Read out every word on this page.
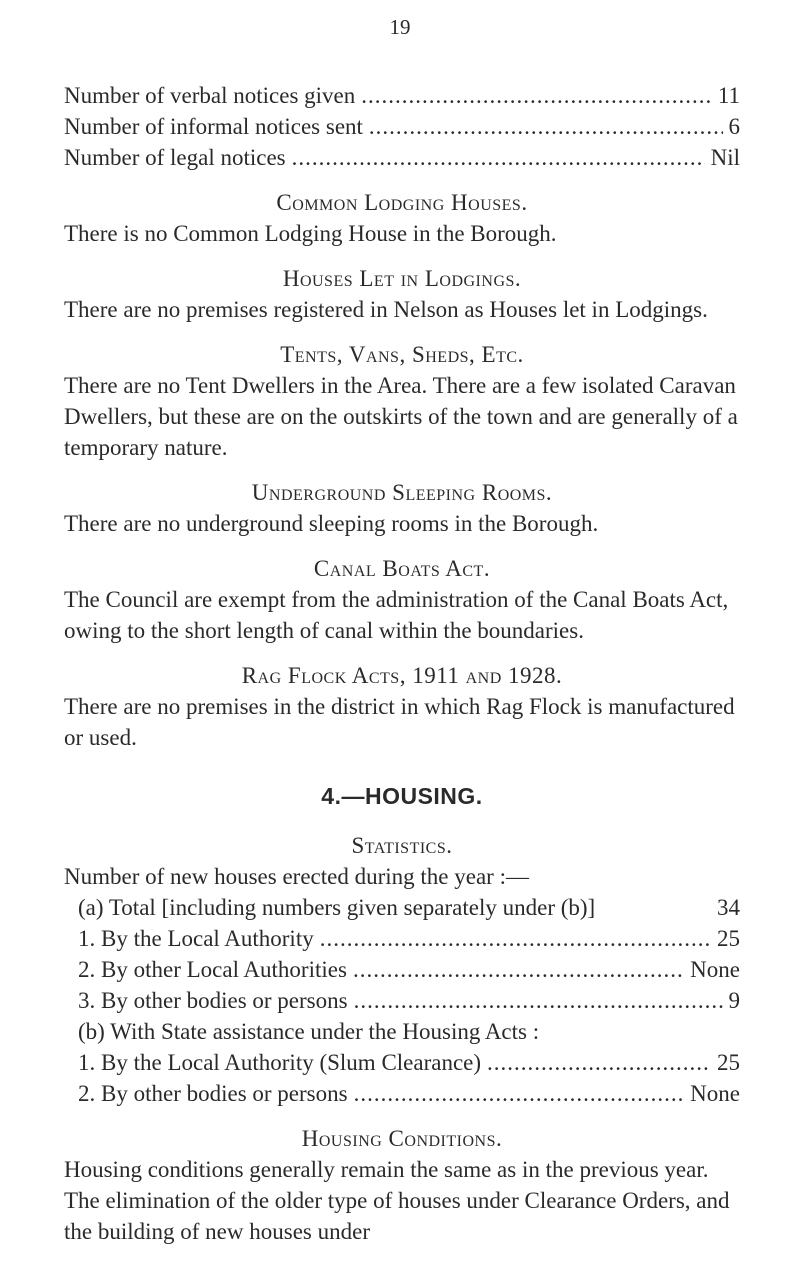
19
Number of verbal notices given .....	11
Number of informal notices sent .....	6
Number of legal notices .....	Nil
Common Lodging Houses.
There is no Common Lodging House in the Borough.
Houses Let in Lodgings.
There are no premises registered in Nelson as Houses let in Lodgings.
Tents, Vans, Sheds, Etc.
There are no Tent Dwellers in the Area. There are a few isolated Caravan Dwellers, but these are on the outskirts of the town and are generally of a temporary nature.
Underground Sleeping Rooms.
There are no underground sleeping rooms in the Borough.
Canal Boats Act.
The Council are exempt from the administration of the Canal Boats Act, owing to the short length of canal within the boundaries.
Rag Flock Acts, 1911 and 1928.
There are no premises in the district in which Rag Flock is manufactured or used.
4.—HOUSING.
Statistics.
Number of new houses erected during the year :—
(a) Total [including numbers given separately under (b)]	34
1. By the Local Authority .....	25
2. By other Local Authorities .....	None
3. By other bodies or persons .....	9
(b) With State assistance under the Housing Acts :
1. By the Local Authority (Slum Clearance) .....	25
2. By other bodies or persons .....	None
Housing Conditions.
Housing conditions generally remain the same as in the previous year. The elimination of the older type of houses under Clearance Orders, and the building of new houses under
